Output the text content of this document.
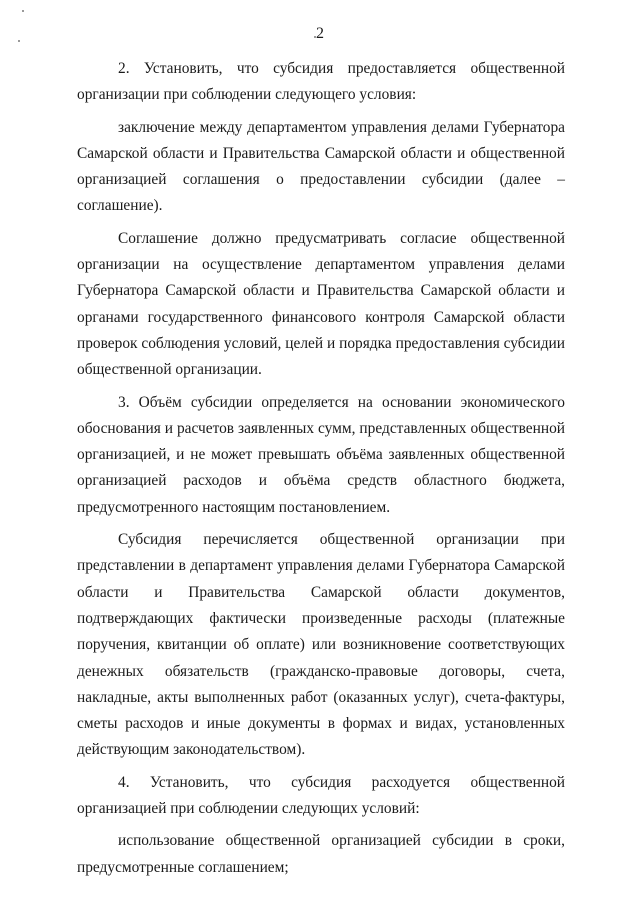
2

2. Установить, что субсидия предоставляется общественной организации при соблюдении следующего условия:

заключение между департаментом управления делами Губернатора Самарской области и Правительства Самарской области и общественной организацией соглашения о предоставлении субсидии (далее – соглашение).

Соглашение должно предусматривать согласие общественной организации на осуществление департаментом управления делами Губернатора Самарской области и Правительства Самарской области и органами государственного финансового контроля Самарской области проверок соблюдения условий, целей и порядка предоставления субсидии общественной организации.

3. Объём субсидии определяется на основании экономического обоснования и расчетов заявленных сумм, представленных общественной организацией, и не может превышать объёма заявленных общественной организацией расходов и объёма средств областного бюджета, предусмотренного настоящим постановлением.

Субсидия перечисляется общественной организации при представлении в департамент управления делами Губернатора Самарской области и Правительства Самарской области документов, подтверждающих фактически произведенные расходы (платежные поручения, квитанции об оплате) или возникновение соответствующих денежных обязательств (гражданско-правовые договоры, счета, накладные, акты выполненных работ (оказанных услуг), счета-фактуры, сметы расходов и иные документы в формах и видах, установленных действующим законодательством).

4. Установить, что субсидия расходуется общественной организацией при соблюдении следующих условий:

использование общественной организацией субсидии в сроки, предусмотренные соглашением;
